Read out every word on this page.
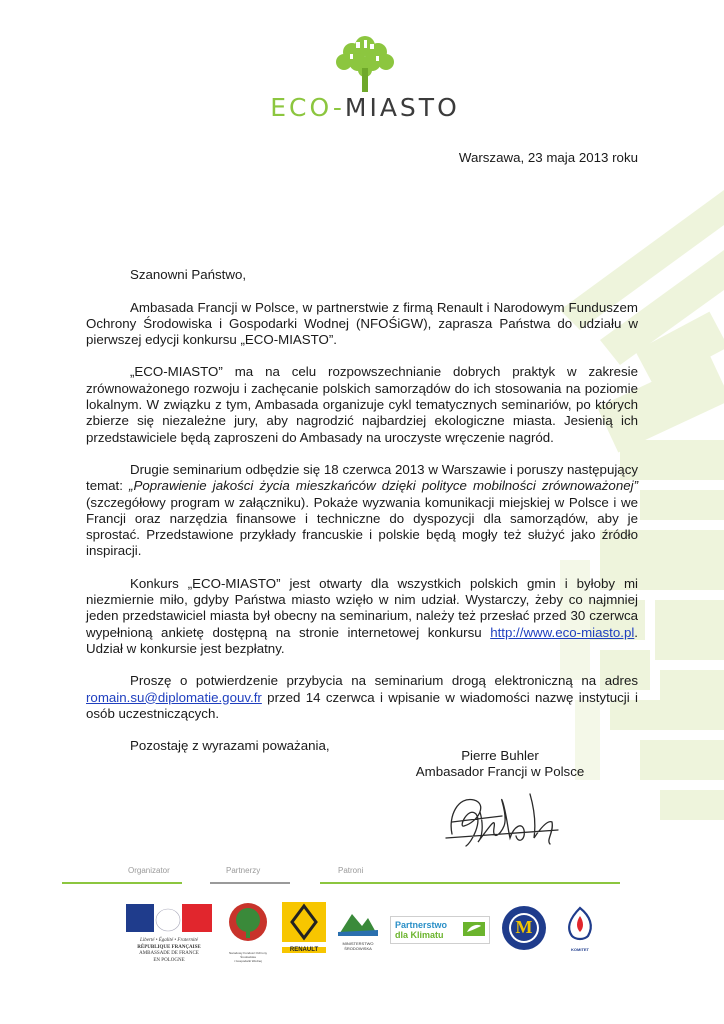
ECO-MIASTO

Warszawa, 23 maja 2013 roku

Szanowni Państwo,

Ambasada Francji w Polsce, w partnerstwie z firmą Renault i Narodowym Funduszem Ochrony Środowiska i Gospodarki Wodnej (NFOŚiGW), zaprasza Państwa do udziału w pierwszej edycji konkursu „ECO-MIASTO”.

„ECO-MIASTO” ma na celu rozpowszechnianie dobrych praktyk w zakresie zrównoważonego rozwoju i zachęcanie polskich samorządów do ich stosowania na poziomie lokalnym. W związku z tym, Ambasada organizuje cykl tematycznych seminariów, po których zbierze się niezależne jury, aby nagrodzić najbardziej ekologiczne miasta. Jesienią ich przedstawiciele będą zaproszeni do Ambasady na uroczyste wręczenie nagród.

Drugie seminarium odbędzie się 18 czerwca 2013 w Warszawie i poruszy następujący temat: „Poprawienie jakości życia mieszkańców dzięki polityce mobilności zrównoważonej” (szczegółowy program w załączniku). Pokaże wyzwania komunikacji miejskiej w Polsce i we Francji oraz narzędzia finansowe i techniczne do dyspozycji dla samorządów, aby je sprostać. Przedstawione przykłady francuskie i polskie będą mogły też służyć jako źródło inspiracji.

Konkurs „ECO-MIASTO” jest otwarty dla wszystkich polskich gmin i byłoby mi niezmiernie miło, gdyby Państwa miasto wzięło w nim udział. Wystarczy, żeby co najmniej jeden przedstawiciel miasta był obecny na seminarium, należy też przesłać przed 30 czerwca wypełnioną ankietę dostępną na stronie internetowej konkursu http://www.eco-miasto.pl. Udział w konkursie jest bezpłatny.

Proszę o potwierdzenie przybycia na seminarium drogą elektroniczną na adres romain.su@diplomatie.gouv.fr przed 14 czerwca i wpisanie w wiadomości nazwę instytucji i osób uczestniczących.

Pozostaję z wyrazami poważania,

Pierre Buhler
Ambasador Francji w Polsce
Organizator	Partnerzy	Patroni
Liberté • Égalité • Fraternité
RÉPUBLIQUE FRANÇAISE
AMBASSADE DE FRANCE
EN POLOGNE
Narodowy Fundusz Ochrony Środowiska
i Gospodarki Wodnej
RENAULT
MINISTERSTWO
ŚRODOWISKA
Partnerstwo
dla Klimatu	M
KOMITET
